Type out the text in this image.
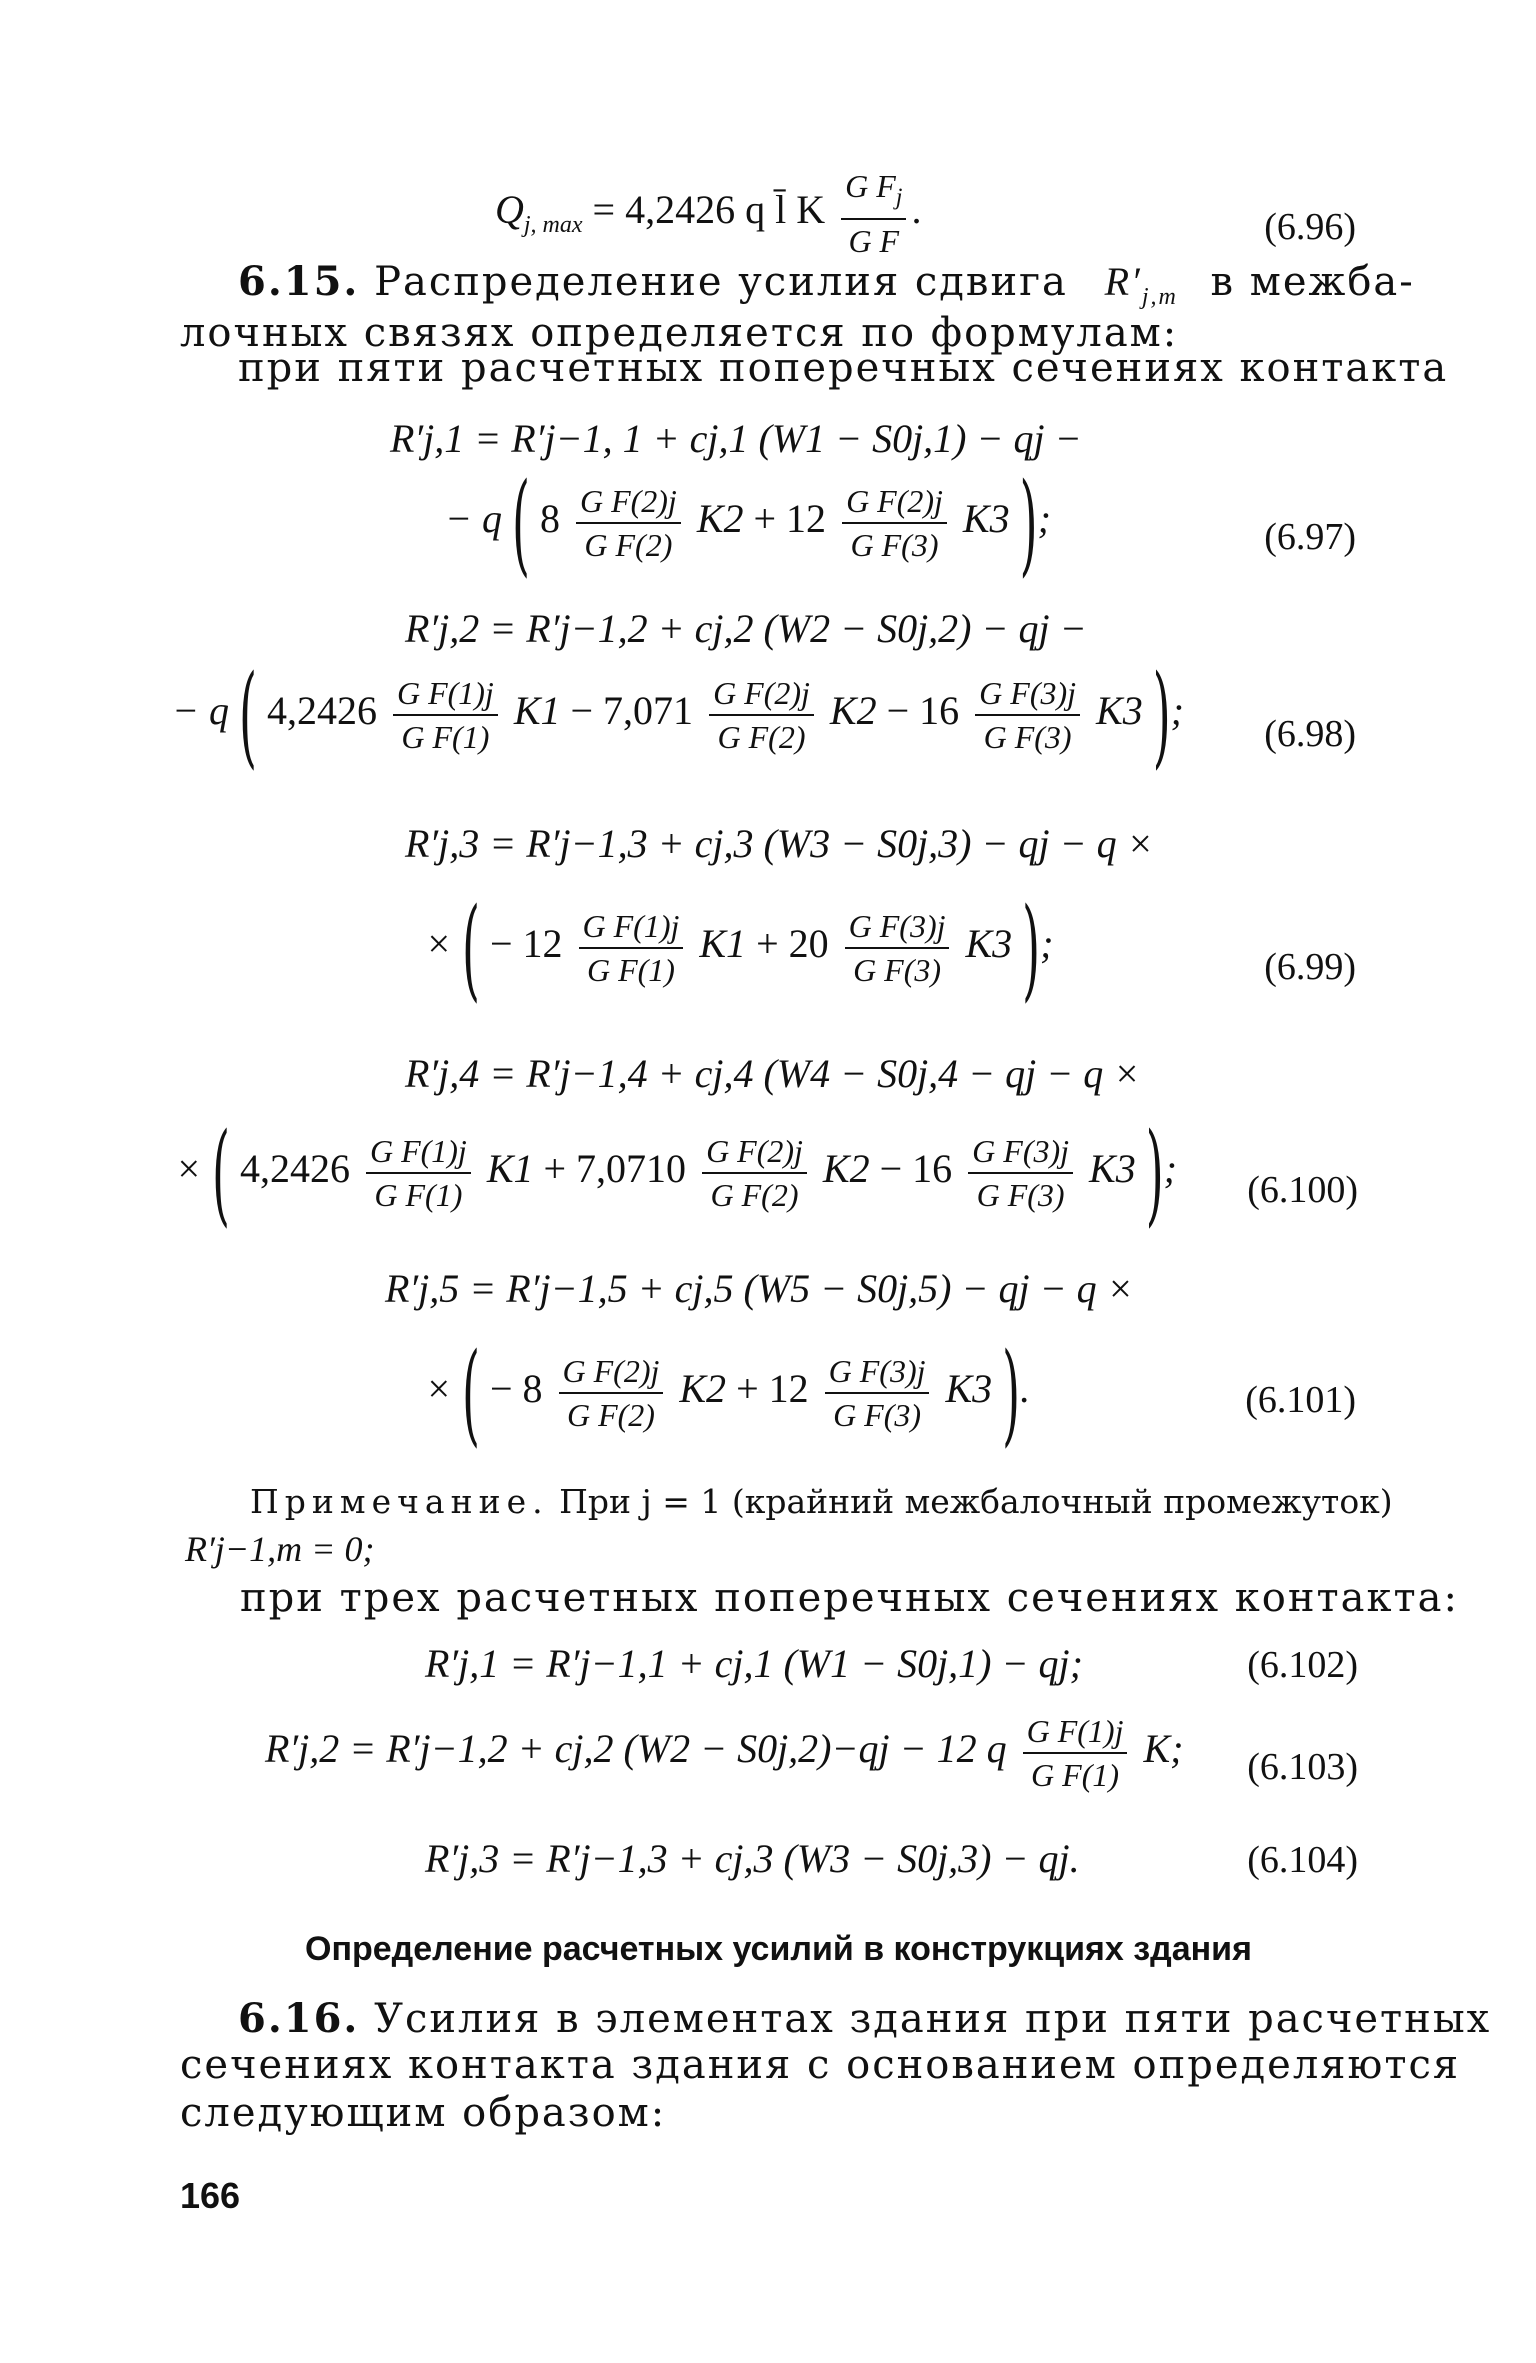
$Q_{j, max} = 4,2426$ q l̄ K $\frac{G F_j}{\text{G F}}$ .	(6.96)
6.15. Распределение усилия сдвига $R'_{j,m}$ в межба-
лочных связях определяется по формулам:
при пяти расчетных поперечных сечениях контакта
R′j,1 = R′j−1, 1 + cj,1 (W1 − S0j,1) − qj −
− q ( $8 \frac{\text{G F(2)j}}{\text{G F(2)}} K2 + 12 \frac{\text{G F(2)j}}{\text{G F(3)}} K3$ );	(6.97)
R′j,2 = R′j−1,2 + cj,2 (W2 − S0j,2) − qj −
− q ( $4,2426 \frac{\text{G F(1)j}}{\text{G F(1)}} K1 - 7,071 \frac{\text{G F(2)j}}{\text{G F(2)}} K2 - 16 \frac{\text{G F(3)j}}{\text{G F(3)}} K3$ );
(6.98)
R′j,3 = R′j−1,3 + cj,3 (W3 − S0j,3) − qj − q ×
× ( − $12 \frac{\text{G F(1)j}}{\text{G F(1)}} K1 + 20 \frac{\text{G F(3)j}}{\text{G F(3)}} K3$ );
(6.99)
R′j,4 = R′j−1,4 + cj,4 (W4 − S0j,4 − qj − q ×
× ( $4,2426 \frac{\text{G F(1)j}}{\text{G F(1)}} K1 + 7,0710 \frac{\text{G F(2)j}}{\text{G F(2)}} K2 - 16 \frac{\text{G F(3)j}}{\text{G F(3)}} K3$ ); (6.100)
R′j,5 = R′j−1,5 + cj,5 (W5 − S0j,5) − qj − q ×
× ( − $8 \frac{\text{G F(2)j}}{\text{G F(2)}} K2 + 12 \frac{\text{G F(3)j}}{\text{G F(3)}} K3$ ).	(6.101)
Примечание. При j = 1 (крайний межбалочный промежуток)
R′j−1,m = 0;
при трех расчетных поперечных сечениях контакта:
R′j,1 = R′j−1,1 + cj,1 (W1 − S0j,1) − qj;	(6.102)
R′j,2 = R′j−1,2 + cj,2 (W2 − S0j,2)−qj − 12 q $\frac{\text{G F(1)j}}{\text{G F(1)}} K$; (6.103)
R′j,3 = R′j−1,3 + cj,3 (W3 − S0j,3) − qj.	(6.104)
Определение расчетных усилий в конструкциях здания
6.16. Усилия в элементах здания при пяти расчетных
сечениях контакта здания с основанием определяются
следующим образом:
166
